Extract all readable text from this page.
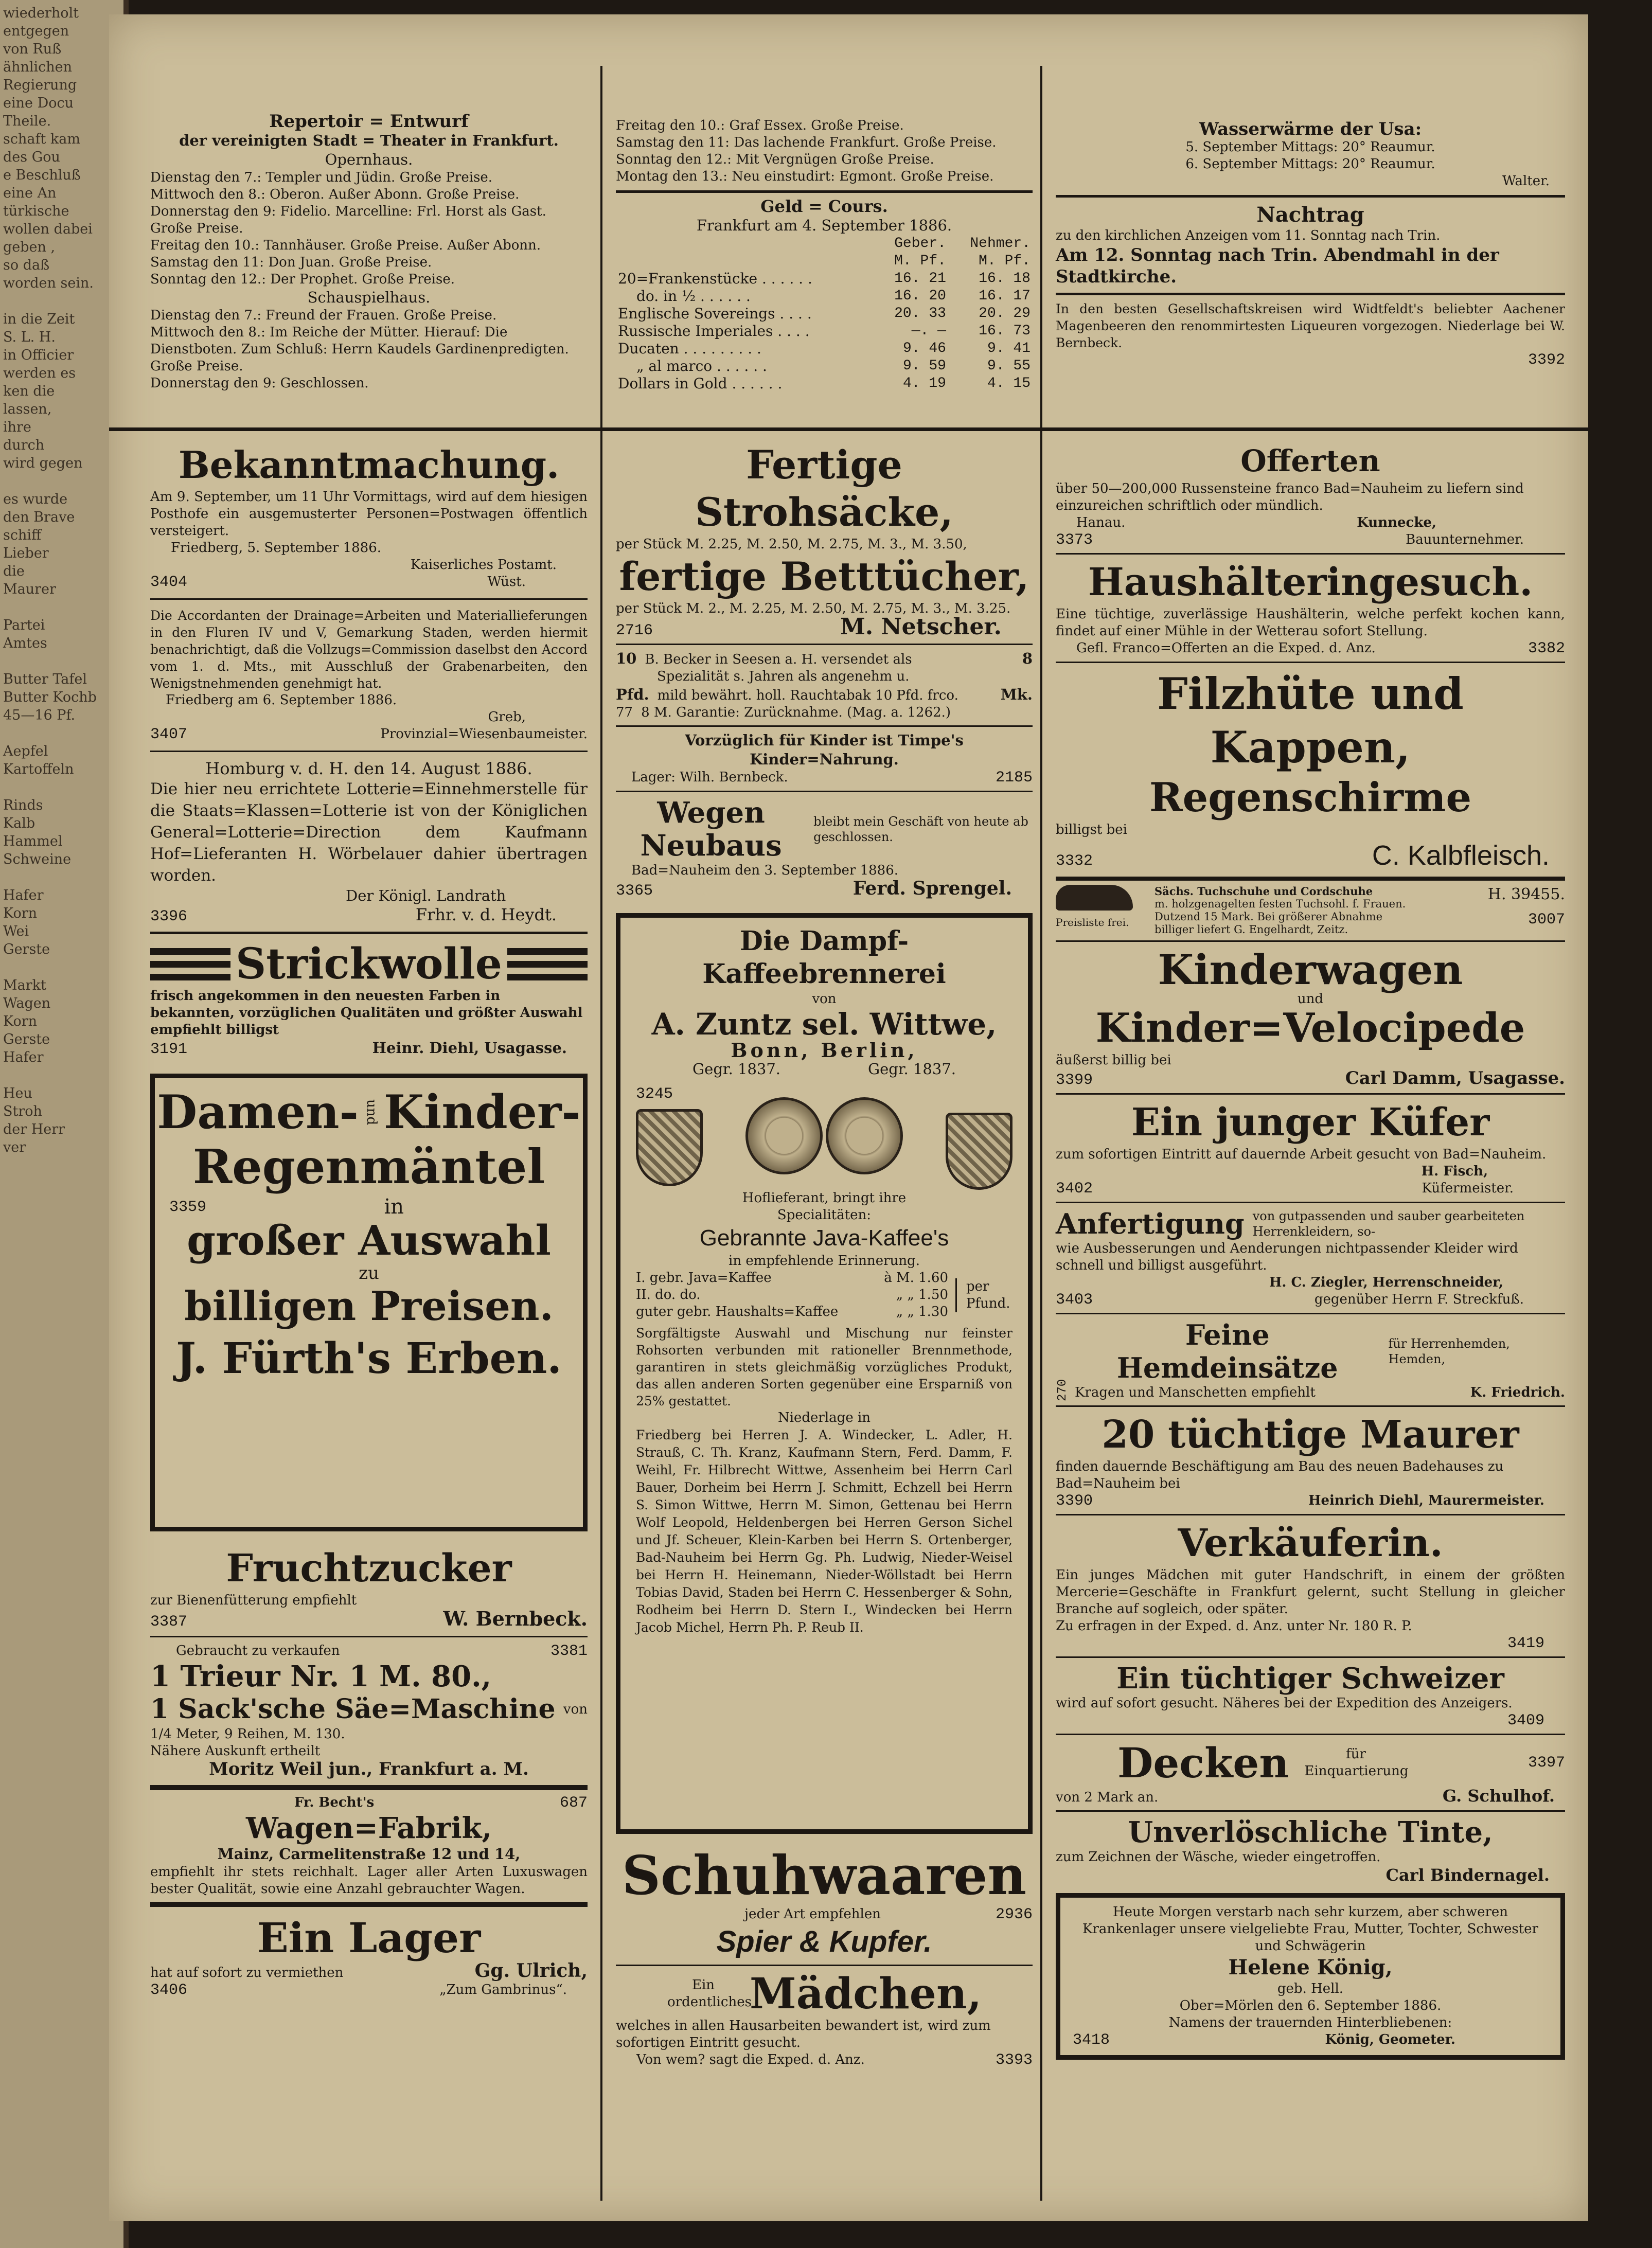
wiederholt
entgegen
von Ruß
ähnlichen
Regierung
eine Docu
Theile.
schaft kam
des Gou
e Beschluß
eine An
türkische
wollen dabei
geben ,
so daß
worden sein.

in die Zeit
S. L. H.
in Officier
werden es
ken die
lassen,
ihre
durch
wird gegen

es wurde
den Brave
schiff
Lieber
die
Maurer

Partei
Amtes

Butter Tafel
Butter Kochb
45—16 Pf.

Aepfel
Kartoffeln

Rinds
Kalb
Hammel
Schweine

Hafer
Korn
Wei
Gerste

Markt
Wagen
Korn
Gerste
Hafer

Heu
Stroh
der Herr
ver

Repertoir = Entwurf

der vereinigten Stadt = Theater in Frankfurt.

Opernhaus.

Dienstag den 7.: Templer und Jüdin. Große Preise.

Mittwoch den 8.: Oberon. Außer Abonn. Große Preise.

Donnerstag den 9: Fidelio. Marcelline: Frl. Horst als Gast. Große Preise.

Freitag den 10.: Tannhäuser. Große Preise. Außer Abonn.

Samstag den 11: Don Juan. Große Preise.

Sonntag den 12.: Der Prophet. Große Preise.

Schauspielhaus.

Dienstag den 7.: Freund der Frauen. Große Preise.

Mittwoch den 8.: Im Reiche der Mütter. Hierauf: Die Dienstboten. Zum Schluß: Herrn Kaudels Gardinenpredigten. Große Preise.

Donnerstag den 9: Geschlossen.

Bekanntmachung.

Am 9. September, um 11 Uhr Vormittags, wird auf dem hiesigen Posthofe ein ausgemusterter Personen=Postwagen öffentlich versteigert.

Friedberg, 5. September 1886.

Kaiserliches Postamt.

3404	Wüst.

Die Accordanten der Drainage=Arbeiten und Materiallieferungen in den Fluren IV und V, Gemarkung Staden, werden hiermit benachrichtigt, daß die Vollzugs=Commission daselbst den Accord vom 1. d. Mts., mit Ausschluß der Grabenarbeiten, den Wenigstnehmenden genehmigt hat.

Friedberg am 6. September 1886.

Greb,

3407	Provinzial=Wiesenbaumeister.

Homburg v. d. H. den 14. August 1886.

Die hier neu errichtete Lotterie=Einnehmerstelle für die Staats=Klassen=Lotterie ist von der Königlichen General=Lotterie=Direction dem Kaufmann Hof=Lieferanten H. Wörbelauer dahier übertragen worden.

Der Königl. Landrath

3396	Frhr. v. d. Heydt.
Strickwolle

frisch angekommen in den neuesten Farben in bekannten, vorzüglichen Qualitäten und größter Auswahl empfiehlt billigst

3191	Heinr. Diehl, Usagasse.
Damen- und Kinder-
Regenmäntel
3359	in
großer Auswahl

zu

billigen Preisen.
J. Fürth's Erben.
Fruchtzucker

zur Bienenfütterung empfiehlt

3387	W. Bernbeck.
Gebraucht zu verkaufen	3381
1 Trieur Nr. 1 M. 80.,
1 Sack'sche Säe=Maschine von

1/4 Meter, 9 Reihen, M. 130.

Nähere Auskunft ertheilt

Moritz Weil jun., Frankfurt a. M.

Fr. Becht's	687
Wagen=Fabrik,

Mainz, Carmelitenstraße 12 und 14,

empfiehlt ihr stets reichhalt. Lager aller Arten Luxuswagen bester Qualität, sowie eine Anzahl gebrauchter Wagen.

Ein Lager
hat auf sofort zu vermiethen	Gg. Ulrich,
3406	„Zum Gambrinus“.

Freitag den 10.: Graf Essex. Große Preise.

Samstag den 11: Das lachende Frankfurt. Große Preise.

Sonntag den 12.: Mit Vergnügen Große Preise.

Montag den 13.: Neu einstudirt: Egmont. Große Preise.

Geld = Cours.

Frankfurt am 4. September 1886.

	Geber.	Nehmer.
	M. Pf.	M. Pf.
20=Frankenstücke . . . . . .	16. 21	16. 18
do. in ½ . . . . . .	16. 20	16. 17
Englische Sovereings . . . .	20. 33	20. 29
Russische Imperiales . . . .	—. —	16. 73
Ducaten . . . . . . . . .	9. 46	9. 41
„ al marco . . . . . .	9. 59	9. 55
Dollars in Gold . . . . . .	4. 19	4. 15
Fertige Strohsäcke,

per Stück M. 2.25, M. 2.50, M. 2.75, M. 3., M. 3.50,

fertige Betttücher,

per Stück M. 2., M. 2.25, M. 2.50, M. 2.75, M. 3., M. 3.25.

2716	M. Netscher.
10 B. Becker in Seesen a. H. versendet als	8

Spezialität s. Jahren als angenehm u.

Pfd. mild bewährt. holl. Rauchtabak 10 Pfd. frco.	Mk.
77 8 M. Garantie: Zurücknahme. (Mag. a. 1262.)

Vorzüglich für Kinder ist Timpe's Kinder=Nahrung.

Lager: Wilh. Bernbeck.	2185
Wegen Neubaus
bleibt mein Geschäft von heute ab geschlossen.

Bad=Nauheim den 3. September 1886.

3365	Ferd. Sprengel.
Die Dampf-Kaffeebrennerei

von

A. Zuntz sel. Wittwe,

Bonn, Berlin,

Gegr. 1837.	Gegr. 1837.
3245

Hoflieferant, bringt ihre Specialitäten:

Gebrannte Java-Kaffee's

in empfehlende Erinnerung.

I. gebr. Java=Kaffee	à M. 1.60
II. do. do.	„ „ 1.50
guter gebr. Haushalts=Kaffee	„ „ 1.30
per Pfund.

Sorgfältigste Auswahl und Mischung nur feinster Rohsorten verbunden mit rationeller Brennmethode, garantiren in stets gleichmäßig vorzügliches Produkt, das allen anderen Sorten gegenüber eine Ersparniß von 25% gestattet.

Niederlage in

Friedberg bei Herren J. A. Windecker, L. Adler, H. Strauß, C. Th. Kranz, Kaufmann Stern, Ferd. Damm, F. Weihl, Fr. Hilbrecht Wittwe, Assenheim bei Herrn Carl Bauer, Dorheim bei Herrn J. Schmitt, Echzell bei Herrn S. Simon Wittwe, Herrn M. Simon, Gettenau bei Herrn Wolf Leopold, Heldenbergen bei Herren Gerson Sichel und Jf. Scheuer, Klein-Karben bei Herrn S. Ortenberger, Bad-Nauheim bei Herrn Gg. Ph. Ludwig, Nieder-Weisel bei Herrn H. Heinemann, Nieder-Wöllstadt bei Herrn Tobias David, Staden bei Herrn C. Hessenberger & Sohn, Rodheim bei Herrn D. Stern I., Windecken bei Herrn Jacob Michel, Herrn Ph. P. Reub II.

Schuhwaaren
jeder Art empfehlen	2936

Spier & Kupfer.

Ein ordentliches
Mädchen,

welches in allen Hausarbeiten bewandert ist, wird zum sofortigen Eintritt gesucht.

Von wem? sagt die Exped. d. Anz.	3393

Wasserwärme der Usa:

5. September Mittags: 20° Reaumur.

6. September Mittags: 20° Reaumur.

Walter.

Nachtrag

zu den kirchlichen Anzeigen vom 11. Sonntag nach Trin.

Am 12. Sonntag nach Trin. Abendmahl in der Stadtkirche.

In den besten Gesellschaftskreisen wird Widtfeldt's beliebter Aachener Magenbeeren den renommirtesten Liqueuren vorgezogen. Niederlage bei W. Bernbeck.

3392

Offerten

über 50—200,000 Russensteine franco Bad=Nauheim zu liefern sind einzureichen schriftlich oder mündlich.

Hanau.	Kunnecke,
3373	Bauunternehmer.
Haushälteringesuch.

Eine tüchtige, zuverlässige Haushälterin, welche perfekt kochen kann, findet auf einer Mühle in der Wetterau sofort Stellung.

Gefl. Franco=Offerten an die Exped. d. Anz.	3382
Filzhüte und Kappen,
Regenschirme

billigst bei

3332	C. Kalbfleisch.

Preisliste frei.

Sächs. Tuchschuhe und Cordschuhe

m. holzgenagelten festen Tuchsohl. f. Frauen.

Dutzend 15 Mark. Bei größerer Abnahme

billiger liefert G. Engelhardt, Zeitz.

H. 39455.

3007

Kinderwagen

und

Kinder=Velocipede

äußerst billig bei

3399	Carl Damm, Usagasse.
Ein junger Küfer

zum sofortigen Eintritt auf dauernde Arbeit gesucht von Bad=Nauheim.

H. Fisch,

3402	Küfermeister.
Anfertigung von gutpassenden und sauber gearbeiteten Herrenkleidern, so-

wie Ausbesserungen und Aenderungen nichtpassender Kleider wird schnell und billigst ausgeführt.

H. C. Ziegler, Herrenschneider,

3403	gegenüber Herrn F. Streckfuß.
270
Feine Hemdeinsätze
für Herrenhemden, Hemden,
Kragen und Manschetten empfiehlt	K. Friedrich.
20 tüchtige Maurer

finden dauernde Beschäftigung am Bau des neuen Badehauses zu Bad=Nauheim bei

3390	Heinrich Diehl, Maurermeister.
Verkäuferin.

Ein junges Mädchen mit guter Handschrift, in einem der größten Mercerie=Geschäfte in Frankfurt gelernt, sucht Stellung in gleicher Branche auf sogleich, oder später.

Zu erfragen in der Exped. d. Anz. unter Nr. 180 R. P.

3419

Ein tüchtiger Schweizer

wird auf sofort gesucht. Näheres bei der Expedition des Anzeigers.

3409

Decken	für Einquartierung	3397
von 2 Mark an.	G. Schulhof.
Unverlöschliche Tinte,

zum Zeichnen der Wäsche, wieder eingetroffen.

Carl Bindernagel.

Heute Morgen verstarb nach sehr kurzem, aber schweren Krankenlager unsere vielgeliebte Frau, Mutter, Tochter, Schwester und Schwägerin

Helene König,

geb. Hell.

Ober=Mörlen den 6. September 1886.

Namens der trauernden Hinterbliebenen:

3418	König, Geometer.
